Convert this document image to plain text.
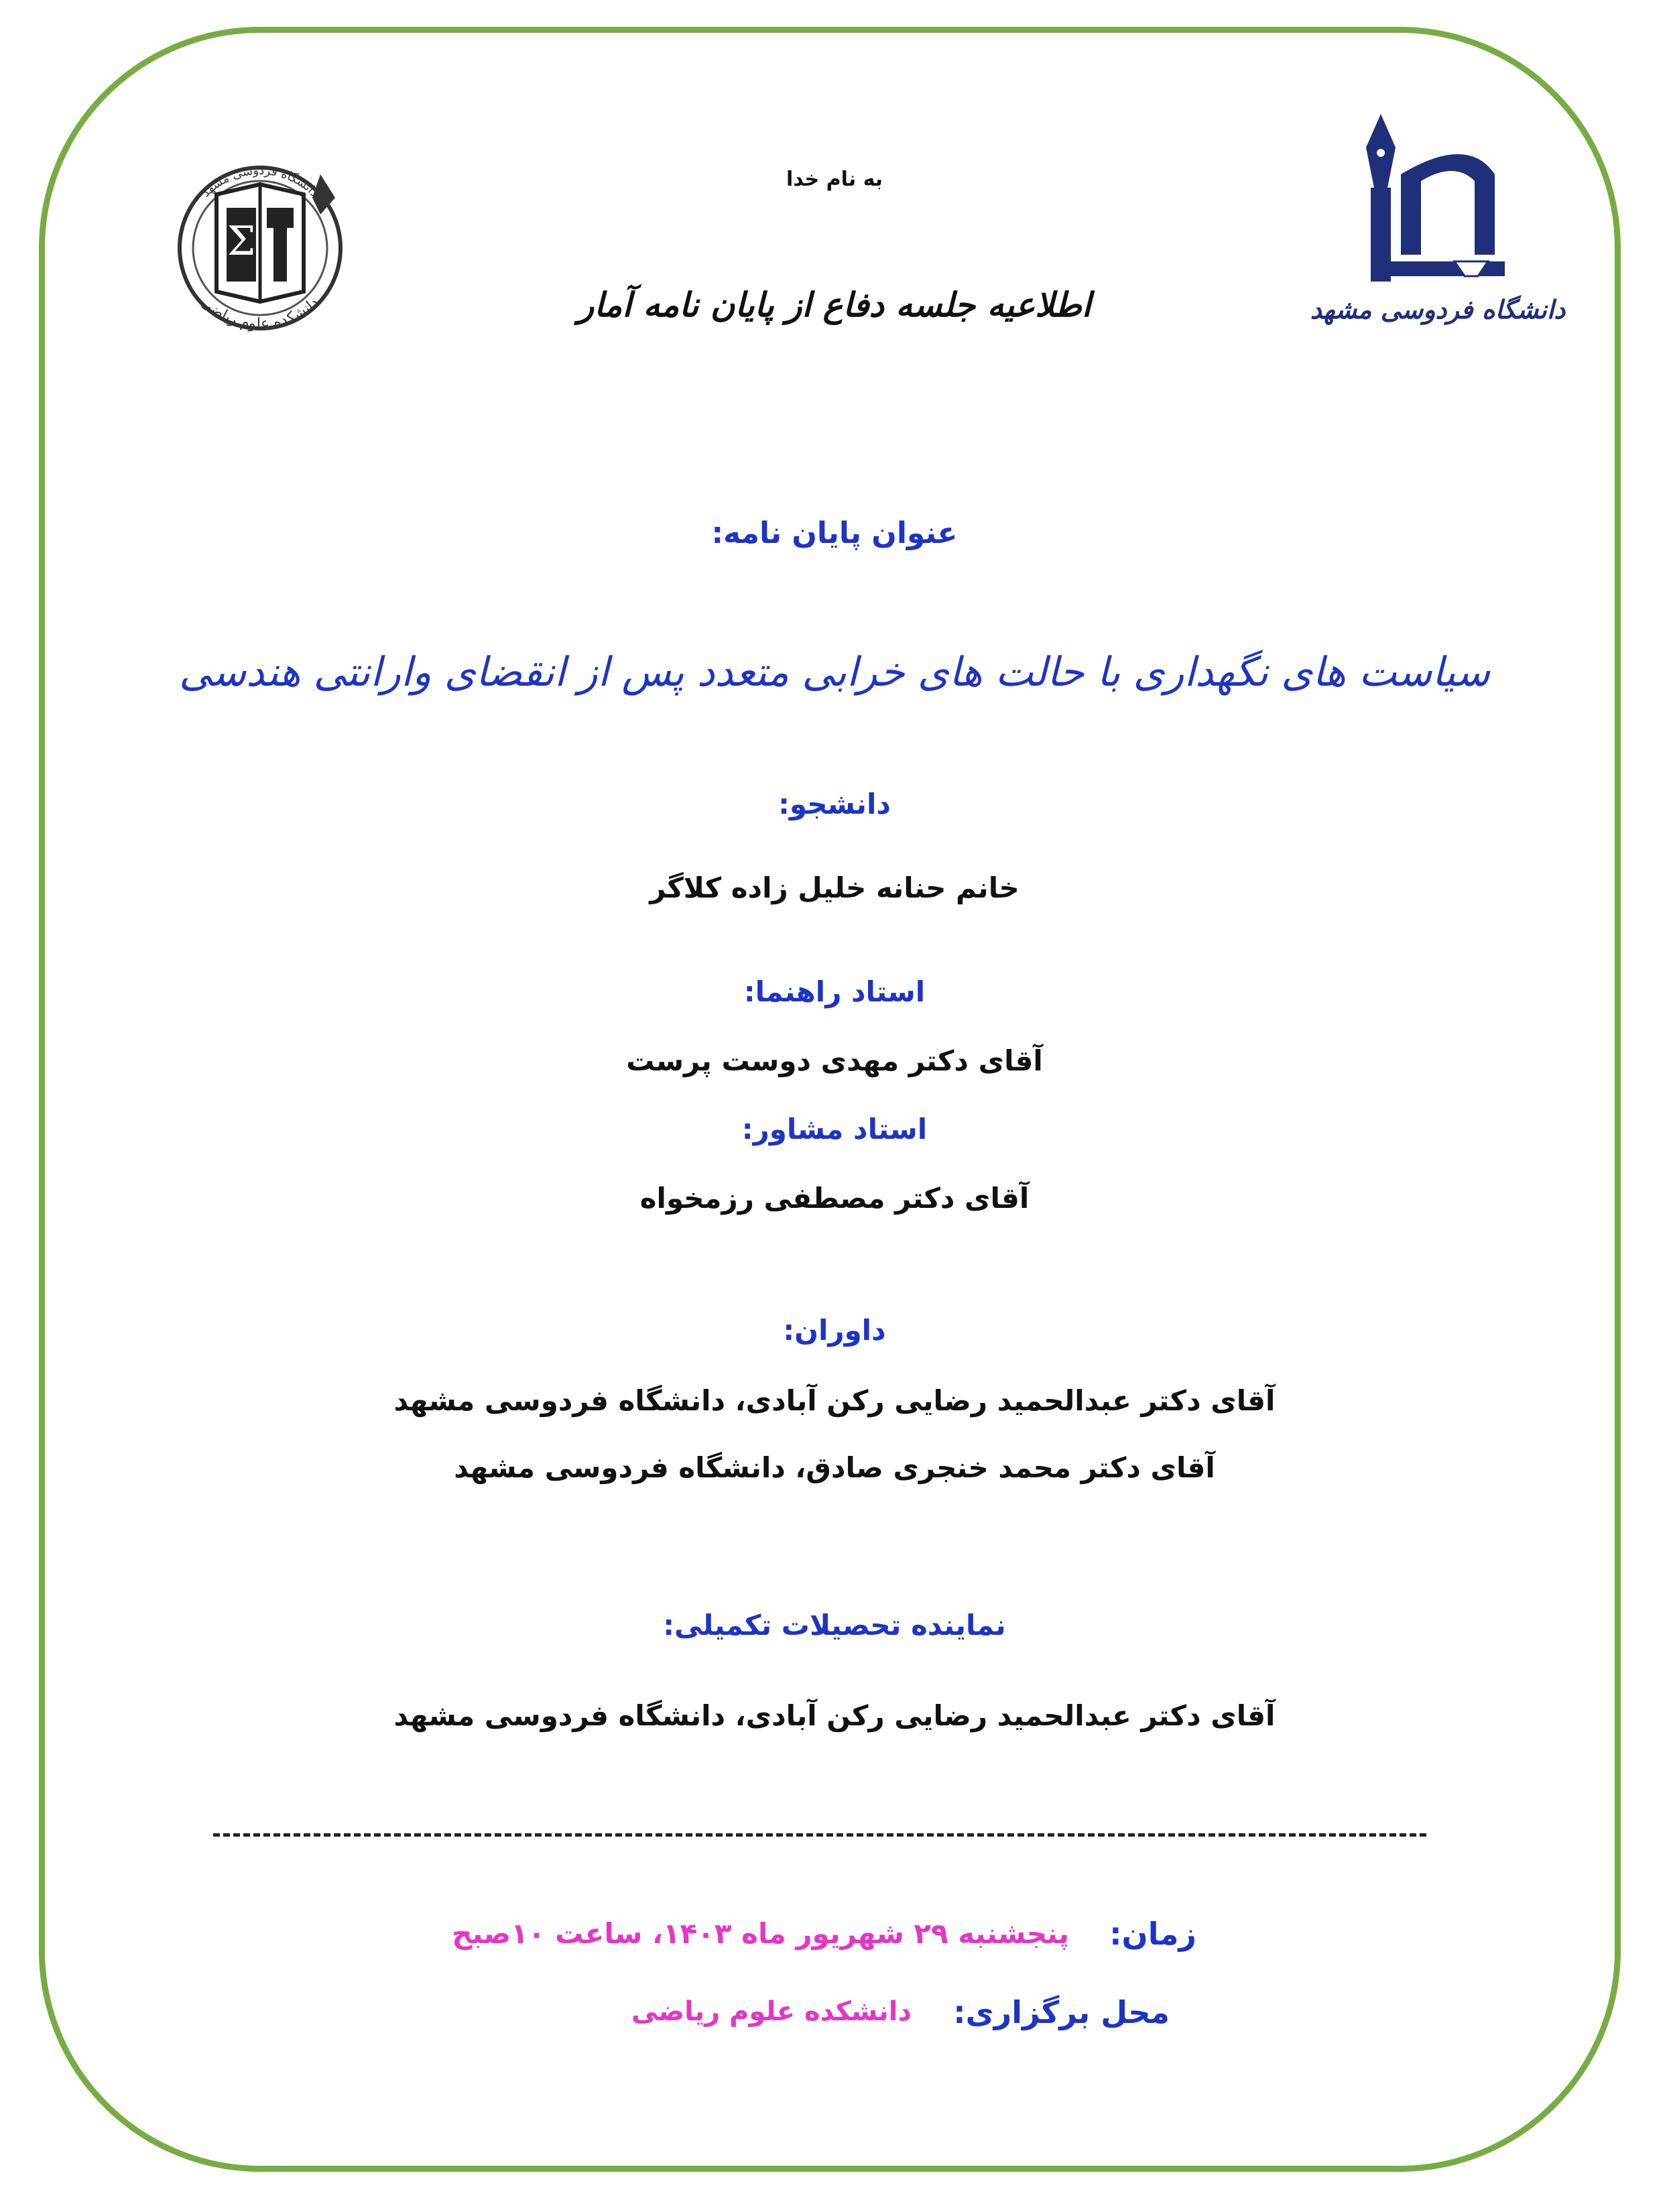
Σ
دانشگاه فردوسی مشهد
دانشکده علوم ریاضی	دانشگاه فردوسی مشهد
به نام خدا
اطلاعیه جلسه دفاع از پایان نامه آمار
عنوان پایان نامه:
سیاست های نگهداری با حالت های خرابی متعدد پس از انقضای وارانتی هندسی
دانشجو:
خانم حنانه خلیل زاده کلاگر
استاد راهنما:
آقای دکتر مهدی دوست پرست
استاد مشاور:
آقای دکتر مصطفی رزمخواه
داوران:
آقای دکتر عبدالحمید رضایی رکن آبادی، دانشگاه فردوسی مشهد
آقای دکتر محمد خنجری صادق، دانشگاه فردوسی مشهد
نماینده تحصیلات تکمیلی:
آقای دکتر عبدالحمید رضایی رکن آبادی، دانشگاه فردوسی مشهد
زمان:
پنجشنبه ۲۹ شهریور ماه ۱۴۰۳، ساعت ۱۰صبح
محل برگزاری:
دانشکده علوم ریاضی
